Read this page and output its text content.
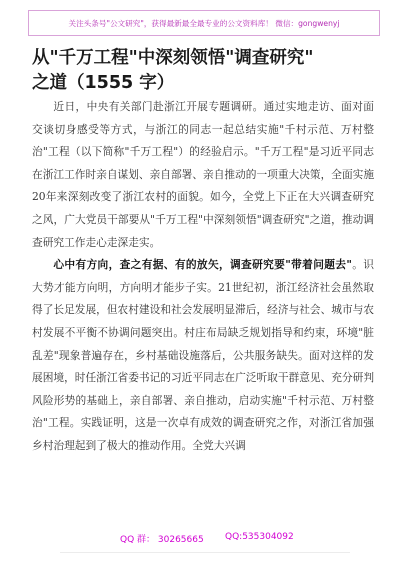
关注头条号"公文研究"，获得最新最全最专业的公文资料库！ 微信：gongwenyj
从"千万工程"中深刻领悟"调查研究"
之道（1555 字）

近日，中央有关部门赴浙江开展专题调研。通过实地走访、面对面交谈切身感受等方式，与浙江的同志一起总结实施"千村示范、万村整治"工程（以下简称"千万工程"）的经验启示。"千万工程"是习近平同志在浙江工作时亲自谋划、亲自部署、亲自推动的一项重大决策，全面实施20年来深刻改变了浙江农村的面貌。如今，全党上下正在大兴调查研究之风，广大党员干部要从"千万工程"中深刻领悟"调查研究"之道，推动调查研究工作走心走深走实。

心中有方向，查之有据、有的放矢，调查研究要"带着问题去"。识大势才能方向明，方向明才能步子实。21世纪初，浙江经济社会虽然取得了长足发展，但农村建设和社会发展明显滞后，经济与社会、城市与农村发展不平衡不协调问题突出。村庄布局缺乏规划指导和约束，环境"脏乱差"现象普遍存在，乡村基础设施落后，公共服务缺失。面对这样的发展困境，时任浙江省委书记的习近平同志在广泛听取干群意见、充分研判风险形势的基础上，亲自部署、亲自推动，启动实施"千村示范、万村整治"工程。实践证明，这是一次卓有成效的调查研究之作，对浙江省加强乡村治理起到了极大的推动作用。全党大兴调

QQ 群： 30265665 QQ:535304092
